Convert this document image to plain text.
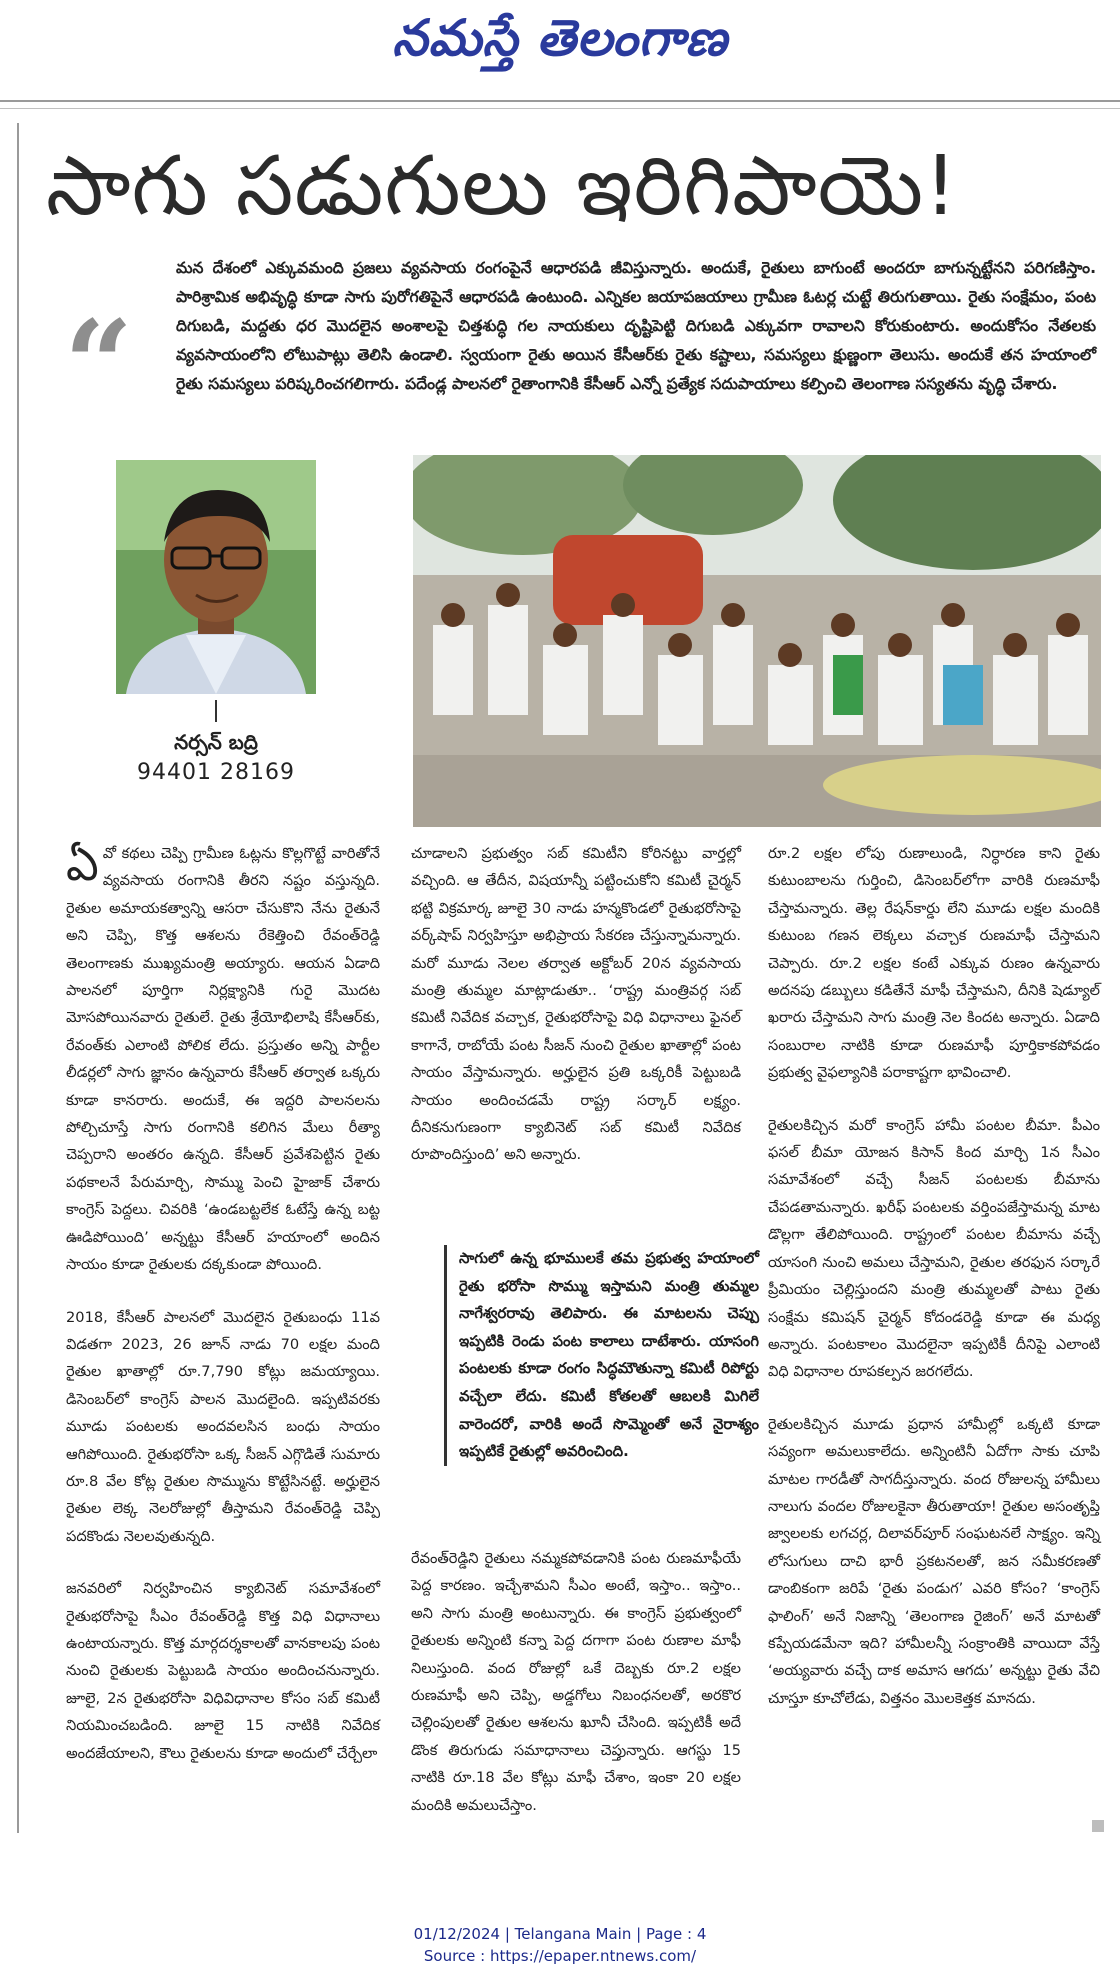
నమస్తే తెలంగాణ
సాగు సడుగులు ఇరిగిపాయె!
“
మన దేశంలో ఎక్కువమంది ప్రజలు వ్యవసాయ రంగంపైనే ఆధారపడి జీవిస్తున్నారు. అందుకే, రైతులు బాగుంటే అందరూ బాగున్నట్టేనని పరిగణిస్తాం. పారిశ్రామిక అభివృద్ధి కూడా సాగు పురోగతిపైనే ఆధారపడి ఉంటుంది. ఎన్నికల జయాపజయాలు గ్రామీణ ఓటర్ల చుట్టే తిరుగుతాయి. రైతు సంక్షేమం, పంట దిగుబడి, మద్దతు ధర మొదలైన అంశాలపై చిత్తశుద్ధి గల నాయకులు దృష్టిపెట్టి దిగుబడి ఎక్కువగా రావాలని కోరుకుంటారు. అందుకోసం నేతలకు వ్యవసాయంలోని లోటుపాట్లు తెలిసి ఉండాలి. స్వయంగా రైతు అయిన కేసీఆర్‌కు రైతు కష్టాలు, సమస్యలు క్షుణ్ణంగా తెలుసు. అందుకే తన హయాంలో రైతు సమస్యలు పరిష్కరించగలిగారు. పదేండ్ల పాలనలో రైతాంగానికి కేసీఆర్ ఎన్నో ప్రత్యేక సదుపాయాలు కల్పించి తెలంగాణ సస్యతను వృద్ధి చేశారు.
నర్సన్ బద్రి
94401 28169

ఏవో కథలు చెప్పి గ్రామీణ ఓట్లను కొల్లగొట్టే వారితోనే వ్యవసాయ రంగానికి తీరని నష్టం వస్తున్నది. రైతుల అమాయకత్వాన్ని ఆసరా చేసుకొని నేను రైతునే అని చెప్పి, కొత్త ఆశలను రేకెత్తించి రేవంత్‌రెడ్డి తెలంగాణకు ముఖ్యమంత్రి అయ్యారు. ఆయన ఏడాది పాలనలో పూర్తిగా నిర్లక్ష్యానికి గురై మొదట మోసపోయినవారు రైతులే. రైతు శ్రేయోభిలాషి కేసీఆర్‌కు, రేవంత్‌కు ఎలాంటి పోలిక లేదు. ప్రస్తుతం అన్ని పార్టీల లీడర్లలో సాగు జ్ఞానం ఉన్నవారు కేసీఆర్ తర్వాత ఒక్కరు కూడా కానరారు. అందుకే, ఈ ఇద్దరి పాలనలను పోల్చిచూస్తే సాగు రంగానికి కలిగిన మేలు రీత్యా చెప్పరాని అంతరం ఉన్నది. కేసీఆర్ ప్రవేశపెట్టిన రైతు పథకాలనే పేరుమార్చి, సొమ్ము పెంచి హైజాక్ చేశారు కాంగ్రెస్ పెద్దలు. చివరికి ‘ఉండబట్టలేక ఓటేస్తే ఉన్న బట్ట ఊడిపోయింది’ అన్నట్టు కేసీఆర్ హయాంలో అందిన సాయం కూడా రైతులకు దక్కకుండా పోయింది.

2018, కేసీఆర్ పాలనలో మొదలైన రైతుబంధు 11వ విడతగా 2023, 26 జూన్ నాడు 70 లక్షల మంది రైతుల ఖాతాల్లో రూ.7,790 కోట్లు జమయ్యాయి. డిసెంబర్‌లో కాంగ్రెస్ పాలన మొదలైంది. ఇప్పటివరకు మూడు పంటలకు అందవలసిన బంధు సాయం ఆగిపోయింది. రైతుభరోసా ఒక్క సీజన్ ఎగ్గొడితే సుమారు రూ.8 వేల కోట్ల రైతుల సొమ్మును కొట్టేసినట్టే. అర్హులైన రైతుల లెక్క నెలరోజుల్లో తీస్తామని రేవంత్‌రెడ్డి చెప్పి పదకొండు నెలలవుతున్నది.

జనవరిలో నిర్వహించిన క్యాబినెట్ సమావేశంలో రైతుభరోసాపై సీఎం రేవంత్‌రెడ్డి కొత్త విధి విధానాలు ఉంటాయన్నారు. కొత్త మార్గదర్శకాలతో వానకాలపు పంట నుంచి రైతులకు పెట్టుబడి సాయం అందించనున్నారు. జూలై, 2న రైతుభరోసా విధివిధానాల కోసం సబ్ కమిటీ నియమించబడింది. జూలై 15 నాటికి నివేదిక అందజేయాలని, కౌలు రైతులను కూడా అందులో చేర్చేలా

చూడాలని ప్రభుత్వం సబ్ కమిటీని కోరినట్టు వార్తల్లో వచ్చింది. ఆ తేదీన, విషయాన్నీ పట్టించుకోని కమిటీ చైర్మన్ భట్టి విక్రమార్క జూలై 30 నాడు హన్మకొండలో రైతుభరోసాపై వర్క్‌షాప్ నిర్వహిస్తూ అభిప్రాయ సేకరణ చేస్తున్నామన్నారు. మరో మూడు నెలల తర్వాత అక్టోబర్ 20న వ్యవసాయ మంత్రి తుమ్మల మాట్లాడుతూ.. ‘రాష్ట్ర మంత్రివర్గ సబ్ కమిటీ నివేదిక వచ్చాక, రైతుభరోసాపై విధి విధానాలు ఫైనల్ కాగానే, రాబోయే పంట సీజన్ నుంచి రైతుల ఖాతాల్లో పంట సాయం వేస్తామన్నారు. అర్హులైన ప్రతి ఒక్కరికీ పెట్టుబడి సాయం అందించడమే రాష్ట్ర సర్కార్ లక్ష్యం. దీనికనుగుణంగా క్యాబినెట్ సబ్ కమిటీ నివేదిక రూపొందిస్తుంది’ అని అన్నారు.

సాగులో ఉన్న భూములకే తమ ప్రభుత్వ హయాంలో రైతు భరోసా సొమ్ము ఇస్తామని మంత్రి తుమ్మల నాగేశ్వరరావు తెలిపారు. ఈ మాటలను చెప్పు ఇప్పటికి రెండు పంట కాలాలు దాటేశారు. యాసంగి పంటలకు కూడా రంగం సిద్ధమౌతున్నా కమిటీ రిపోర్టు వచ్చేలా లేదు. కమిటీ కోతలతో ఆబలకి మిగిలే వారెందరో, వారికి అందే సొమ్మెంతో అనే నైరాశ్యం ఇప్పటికే రైతుల్లో అవరించింది.

రేవంత్‌రెడ్డిని రైతులు నమ్మకపోవడానికి పంట రుణమాఫీయే పెద్ద కారణం. ఇచ్చేశామని సీఎం అంటే, ఇస్తాం.. ఇస్తాం.. అని సాగు మంత్రి అంటున్నారు. ఈ కాంగ్రెస్ ప్రభుత్వంలో రైతులకు అన్నింటి కన్నా పెద్ద దగాగా పంట రుణాల మాఫీ నిలుస్తుంది. వంద రోజుల్లో ఒకే దెబ్బకు రూ.2 లక్షల రుణమాఫీ అని చెప్పి, అడ్డగోలు నిబంధనలతో, అరకొర చెల్లింపులతో రైతుల ఆశలను ఖూనీ చేసింది. ఇప్పటికీ అదే డొంక తిరుగుడు సమాధానాలు చెప్తున్నారు. ఆగస్టు 15 నాటికి రూ.18 వేల కోట్లు మాఫీ చేశాం, ఇంకా 20 లక్షల మందికి అమలుచేస్తాం.

రూ.2 లక్షల లోపు రుణాలుండి, నిర్ధారణ కాని రైతు కుటుంబాలను గుర్తించి, డిసెంబర్‌లోగా వారికి రుణమాఫీ చేస్తామన్నారు. తెల్ల రేషన్‌కార్డు లేని మూడు లక్షల మందికి కుటుంబ గణన లెక్కలు వచ్చాక రుణమాఫీ చేస్తామని చెప్పారు. రూ.2 లక్షల కంటే ఎక్కువ రుణం ఉన్నవారు అదనపు డబ్బులు కడితేనే మాఫీ చేస్తామని, దీనికి షెడ్యూల్ ఖరారు చేస్తామని సాగు మంత్రి నెల కిందట అన్నారు. ఏడాది సంబురాల నాటికి కూడా రుణమాఫీ పూర్తికాకపోవడం ప్రభుత్వ వైఫల్యానికి పరాకాష్టగా భావించాలి.

రైతులకిచ్చిన మరో కాంగ్రెస్ హామీ పంటల బీమా. పీఎం ఫసల్ బీమా యోజన కిసాన్ కింద మార్చి 1న సీఎం సమావేశంలో వచ్చే సీజన్ పంటలకు బీమాను చేపడతామన్నారు. ఖరీఫ్ పంటలకు వర్తింపజేస్తామన్న మాట డొల్లగా తేలిపోయింది. రాష్ట్రంలో పంటల బీమాను వచ్చే యాసంగి నుంచి అమలు చేస్తామని, రైతుల తరఫున సర్కారే ప్రీమియం చెల్లిస్తుందని మంత్రి తుమ్మలతో పాటు రైతు సంక్షేమ కమిషన్ చైర్మన్ కోదండరెడ్డి కూడా ఈ మధ్య అన్నారు. పంటకాలం మొదలైనా ఇప్పటికీ దీనిపై ఎలాంటి విధి విధానాల రూపకల్పన జరగలేదు.

రైతులకిచ్చిన మూడు ప్రధాన హామీల్లో ఒక్కటి కూడా సవ్యంగా అమలుకాలేదు. అన్నింటినీ ఏదోగా సాకు చూపి మాటల గారడీతో సాగదీస్తున్నారు. వంద రోజులన్న హామీలు నాలుగు వందల రోజులకైనా తీరుతాయా! రైతుల అసంతృప్తి జ్వాలలకు లగచర్ల, దిలావర్‌పూర్ సంఘటనలే సాక్ష్యం. ఇన్ని లోసుగులు దాచి భారీ ప్రకటనలతో, జన సమీకరణతో డాంబికంగా జరిపే ‘రైతు పండుగ’ ఎవరి కోసం? ‘కాంగ్రెస్ ఫాలింగ్’ అనే నిజాన్ని ‘తెలంగాణ రైజింగ్’ అనే మాటతో కప్పేయడమేనా ఇది? హామీలన్నీ సంక్రాంతికి వాయిదా వేస్తే ‘అయ్యవారు వచ్చే దాక అమాస ఆగదు’ అన్నట్టు రైతు వేచి చూస్తూ కూచోలేడు, విత్తనం మొలకెత్తక మానదు.

01/12/2024 | Telangana Main | Page : 4
Source : https://epaper.ntnews.com/
